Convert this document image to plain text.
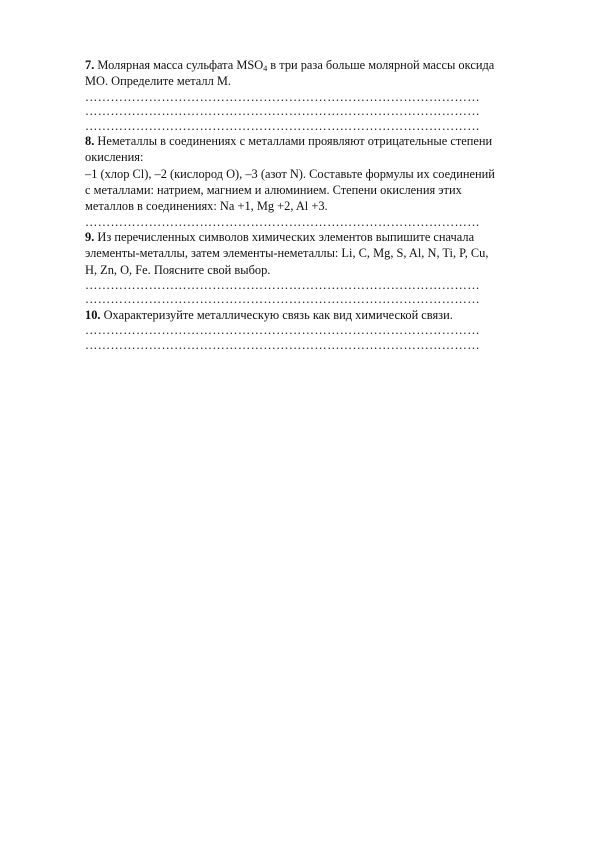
7. Молярная масса сульфата $MSO_4$ в три раза больше молярной массы оксида
MO. Определите металл M.
…………………………………………………………………………………
…………………………………………………………………………………
…………………………………………………………………………………
8. Неметаллы в соединениях с металлами проявляют отрицательные степени
окисления:
–1 (хлор Cl), –2 (кислород O), –3 (азот N). Составьте формулы их соединений
с металлами: натрием, магнием и алюминием. Степени окисления этих
металлов в соединениях: Na +1, Mg +2, Al +3.
…………………………………………………………………………………
9. Из перечисленных символов химических элементов выпишите сначала
элементы-металлы, затем элементы-неметаллы: Li, C, Mg, S, Al, N, Ti, P, Cu,
H, Zn, O, Fe. Поясните свой выбор.
…………………………………………………………………………………
…………………………………………………………………………………
10. Охарактеризуйте металлическую связь как вид химической связи.
…………………………………………………………………………………
…………………………………………………………………………………
